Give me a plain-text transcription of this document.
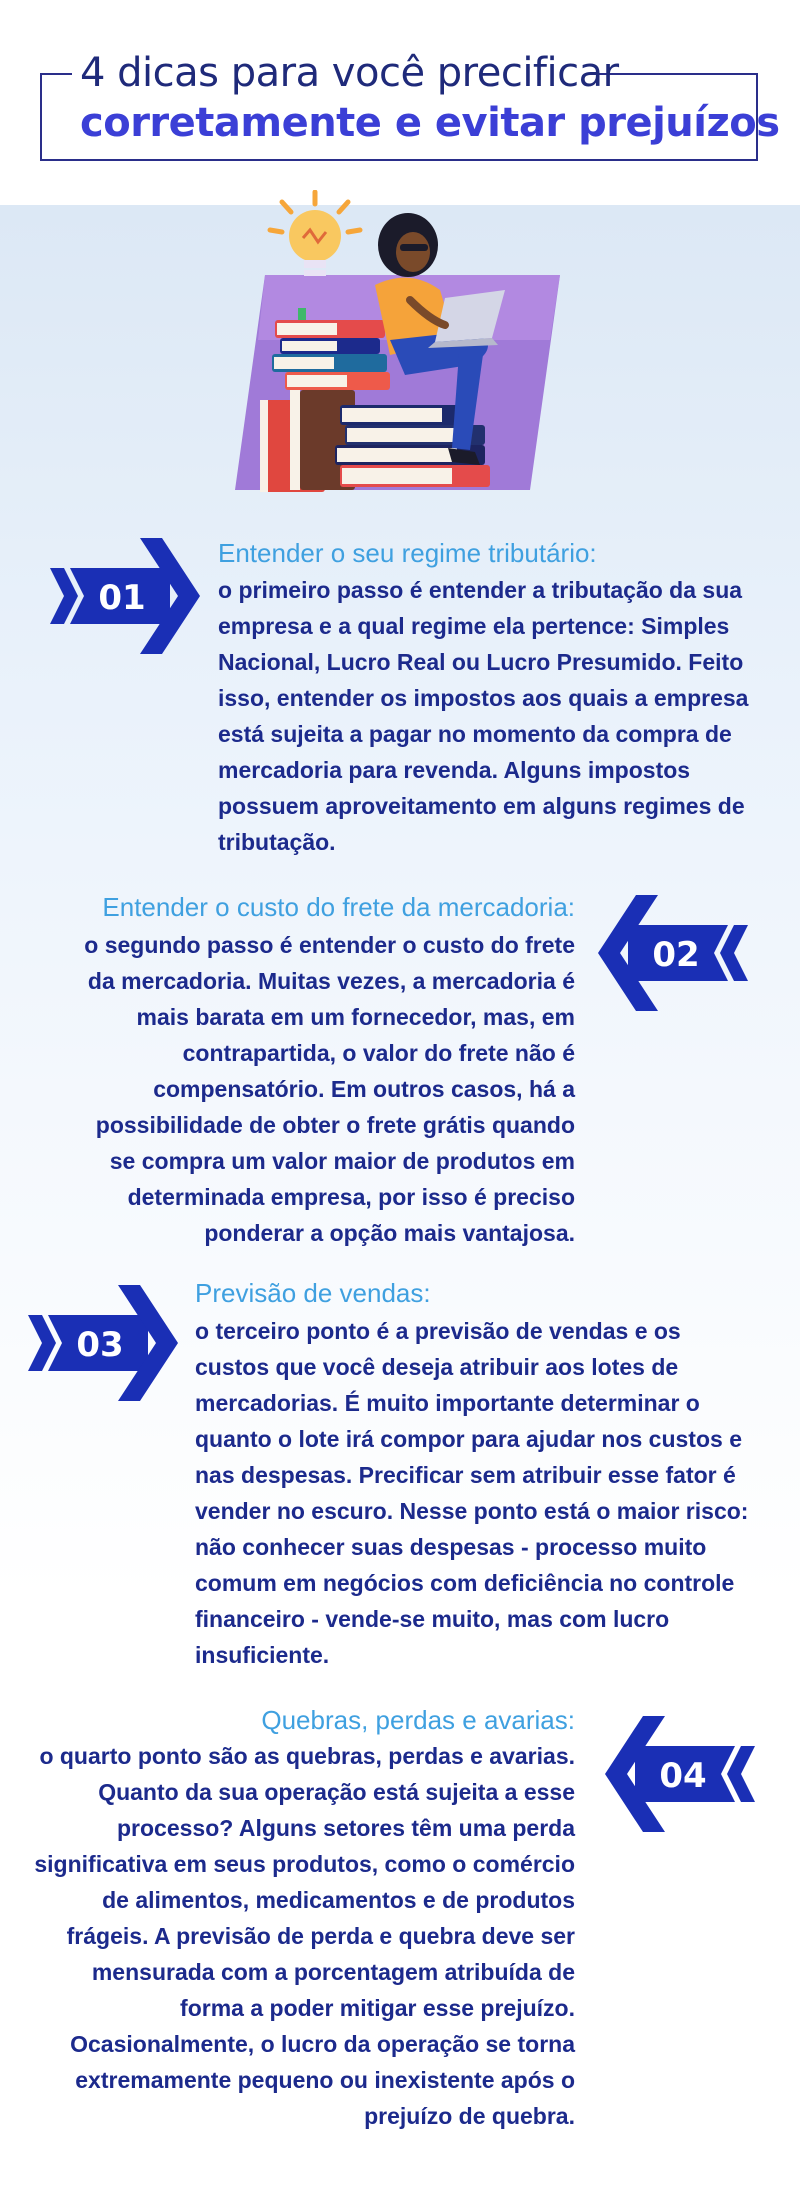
4 dicas para você precificar
corretamente e evitar prejuízos
01
Entender o seu regime tributário:
o primeiro passo é entender a tributação da sua
empresa e a qual regime ela pertence: Simples
Nacional, Lucro Real ou Lucro Presumido. Feito
isso, entender os impostos aos quais a empresa
está sujeita a pagar no momento da compra de
mercadoria para revenda. Alguns impostos
possuem aproveitamento em alguns regimes de
tributação.
Entender o custo do frete da mercadoria:
o segundo passo é entender o custo do frete
da mercadoria. Muitas vezes, a mercadoria é
mais barata em um fornecedor, mas, em
contrapartida, o valor do frete não é
compensatório. Em outros casos, há a
possibilidade de obter o frete grátis quando
se compra um valor maior de produtos em
determinada empresa, por isso é preciso
ponderar a opção mais vantajosa.
02
03
Previsão de vendas:
o terceiro ponto é a previsão de vendas e os
custos que você deseja atribuir aos lotes de
mercadorias. É muito importante determinar o
quanto o lote irá compor para ajudar nos custos e
nas despesas. Precificar sem atribuir esse fator é
vender no escuro. Nesse ponto está o maior risco:
não conhecer suas despesas - processo muito
comum em negócios com deficiência no controle
financeiro - vende-se muito, mas com lucro
insuficiente.
Quebras, perdas e avarias:
o quarto ponto são as quebras, perdas e avarias.
Quanto da sua operação está sujeita a esse
processo? Alguns setores têm uma perda
significativa em seus produtos, como o comércio
de alimentos, medicamentos e de produtos
frágeis. A previsão de perda e quebra deve ser
mensurada com a porcentagem atribuída de
forma a poder mitigar esse prejuízo.
Ocasionalmente, o lucro da operação se torna
extremamente pequeno ou inexistente após o
prejuízo de quebra.
04
